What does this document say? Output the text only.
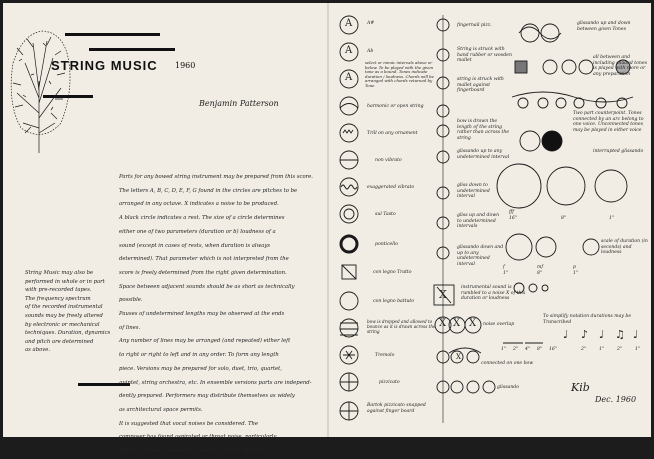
STRING MUSIC 1960
Benjamin Patterson
Parts for any bowed string instrument may be prepared from this score.
The letters A, B, C, D, E, F, G found in the circles are pitches to be
arranged in any octave. X indicates a noise to be produced.
A black circle indicates a rest. The size of a circle determines
either one of two parameters (duration or b) loudness of a
sound (except in cases of rests, when duration is always
determined). That parameter which is not interpreted from the
score is freely determined from the right given determination.
Space between adjacent sounds should be as short as technically
possible.
Pauses of undetermined lengths may be observed at the ends
of lines.
Any number of lines may be arranged (and repeated) either left
to right or right to left and in any order. To form any length
piece. Versions may be prepared for solo, duet, trio, quartet,
quintet, string orchestra, etc. In ensemble versions parts are independ-
dently prepared. Performers may distribute themselves as widely
as architectural space permits.
It is suggested that vocal noises be considered. The
composer has found aspirated or throat noise, particularly
effective; Hissss, ssssshhhh, Aaaaah, Kchkch, ffffff, etc.
String Music may also be
performed in whole or in part
with pre-recorded tapes.
The frequency spectrum
of the recorded instrumental
sounds may be freely altered
by electronic or mechanical
techniques. Duration, dynamics
and pitch are determined
as above.
A
A
A
A#
Ab
select or mimic intervals above or below. To be played with the given tone as a bound. Tones indicate duration / loudness. Chords will be arranged with chords returned by Tone
harmonic or open string
Trill on any ornament
non vibrato
exaggerated vibrato
sul Tasto
ponticello
con legno Tratto
con legno battuto
bow is dropped and allowed to bounce as it is drawn across the string
Tremolo
pizzicato
Bartok pizzicato snapped against finger board
fingernail pizz.
String is struck with hand rubber or wooden mallet
string is struck with mallet against fingerboard
bow is drawn the length of the string rather than across the string
glissando up to any undetermined interval
gliss down to undetermined interval
gliss up and down to undetermined intervals
glissando down and up to any undetermined interval
instrumental sound is rumbled to a noise X of this duration or loudness
noise overlap
connected on one bow
glissando
X
X X X
X
glissando up and down between given Tones
all between and including shaded tones is played with more or any preparation
Two part counterpoint. Tones connected by an arc belong to one voice. Unconnected tones may be played in either voice
interrupted glissando
scale of duration (in seconds) and loudness
To simplify notation durations may be Transcribed
fff
16"	8"	1"
f
1"
mf
8"
p
1"
1" 2" 4" 8" 16"	2"	1"	2"	1"
♩ ♪ ♩ ♫ ♩
Kib
Dec. 1960
